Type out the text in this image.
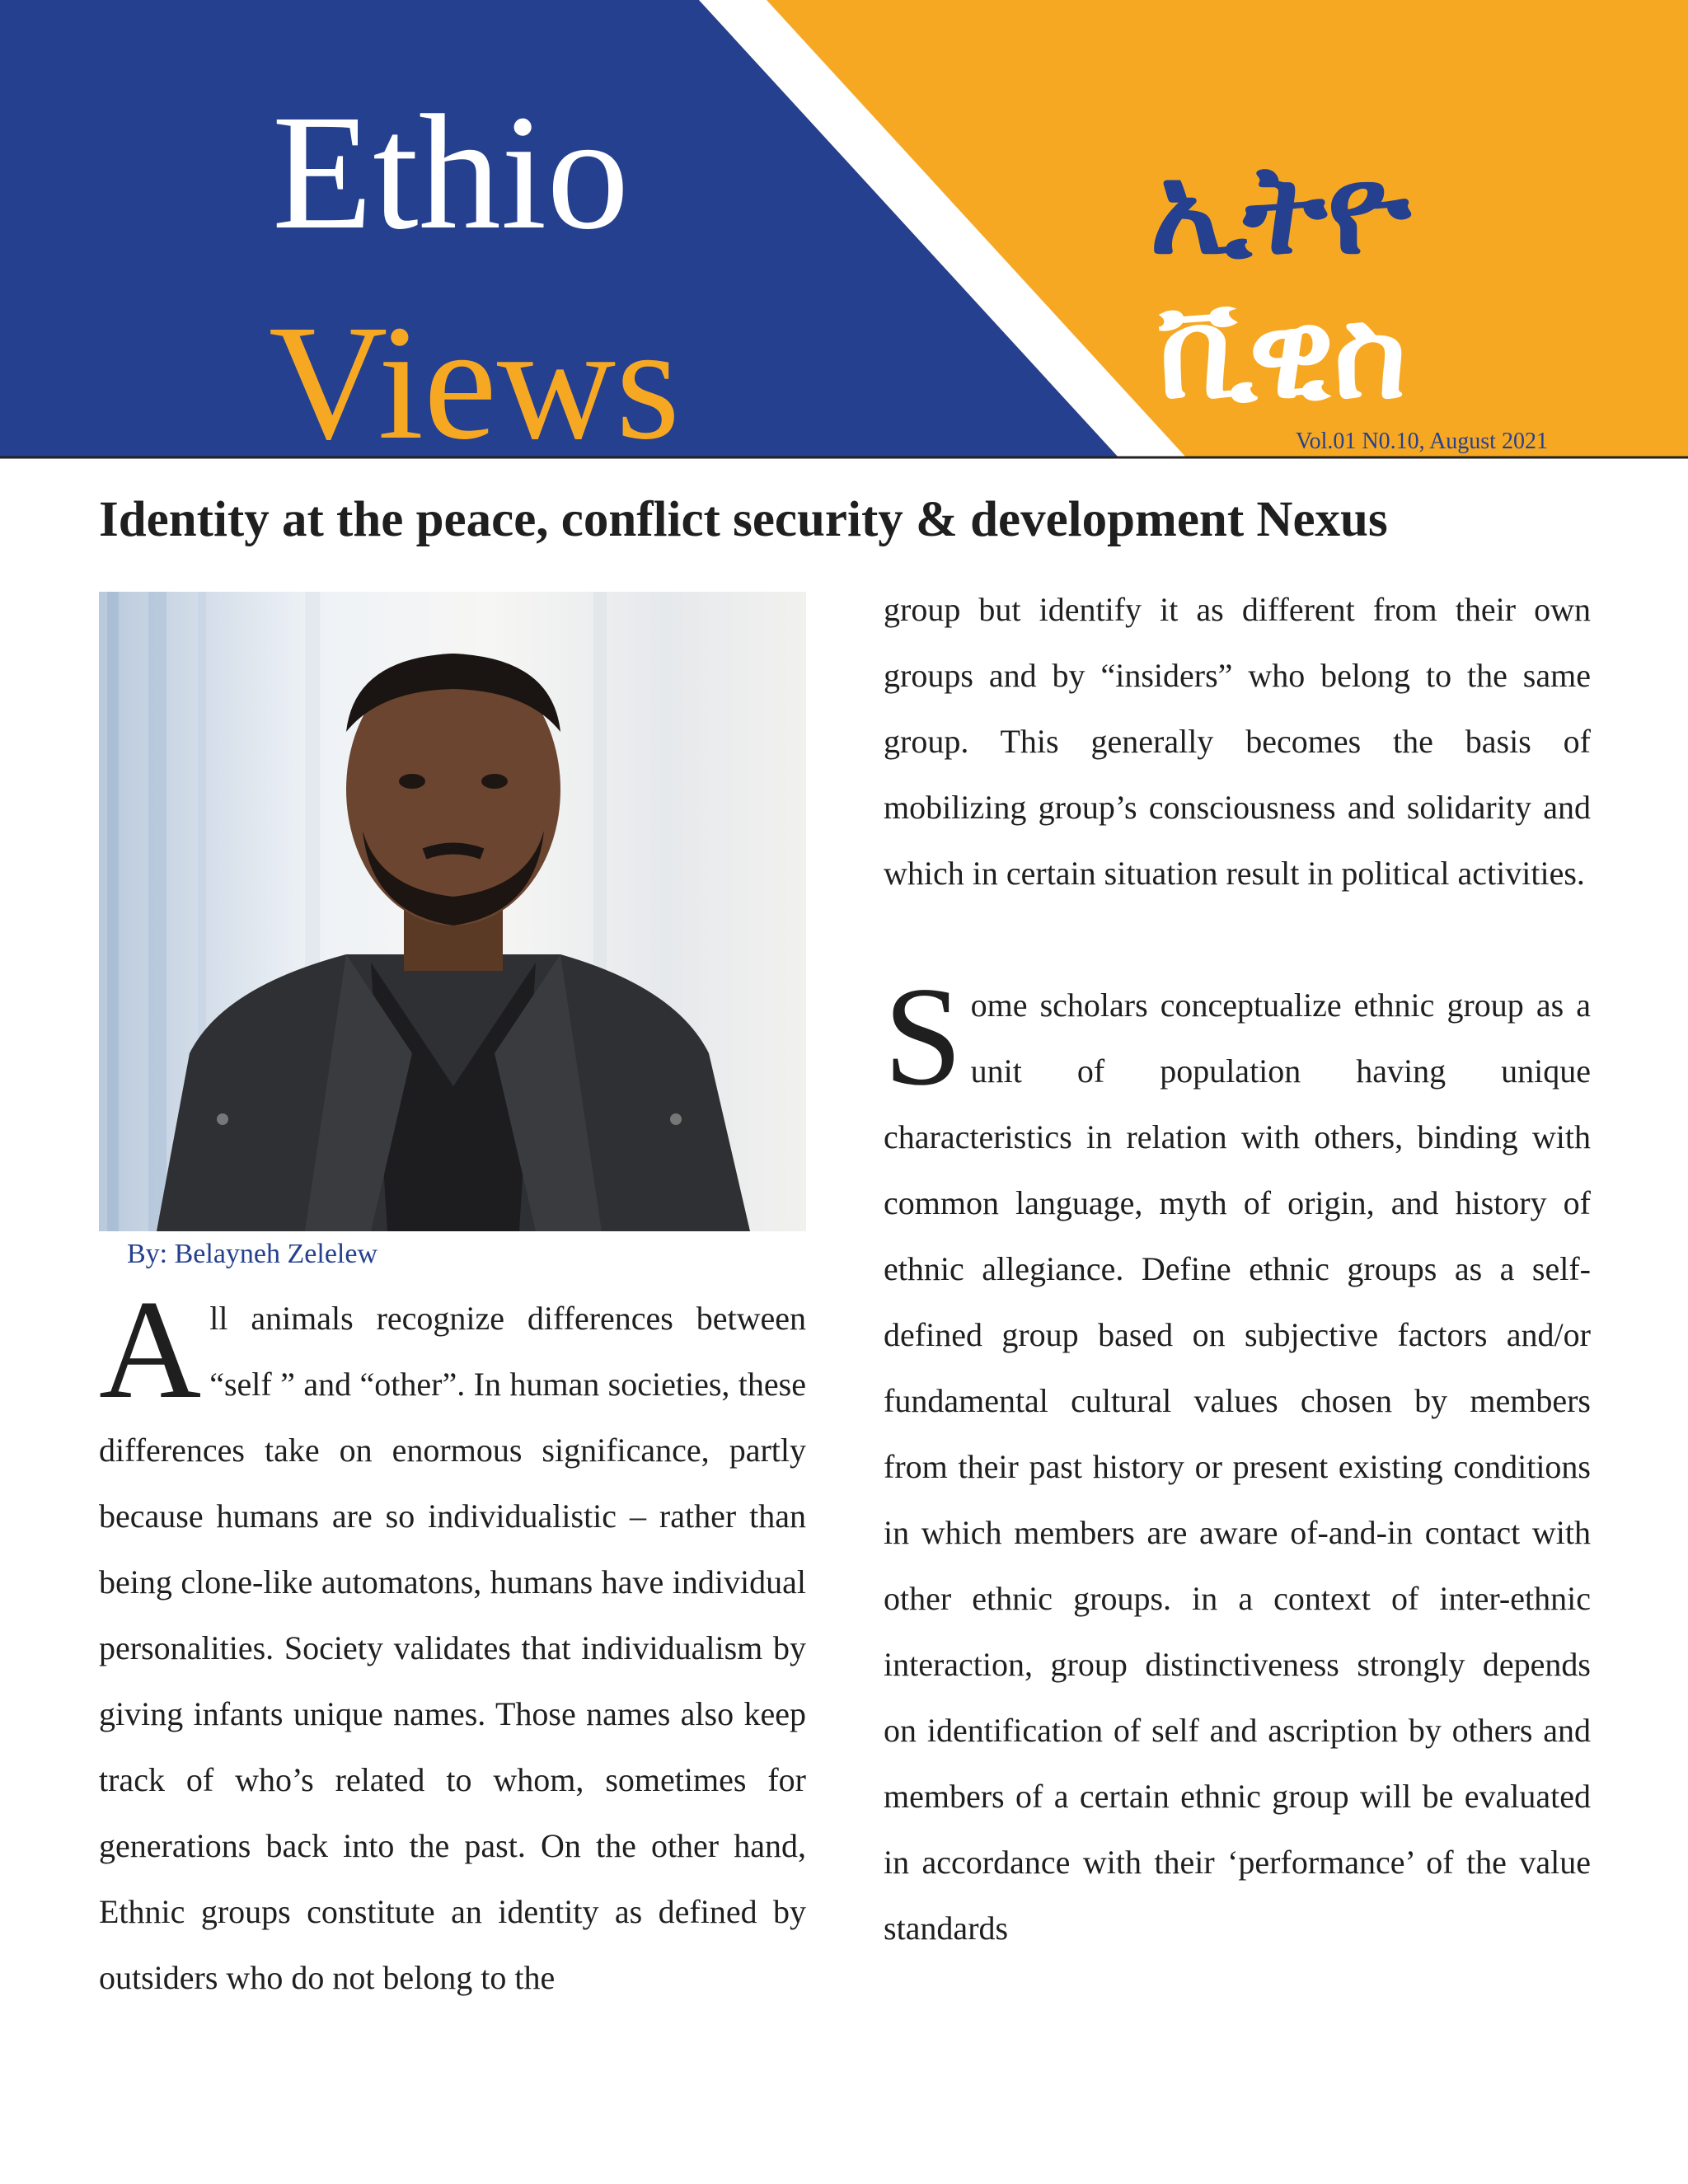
Ethio
Views
ኢትዮ
ቪዊስ
Vol.01 N0.10, August 2021
Identity at the peace, conflict security & development Nexus
By: Belayneh Zelelew

All animals recognize differences between “self ” and “other”. In human societies, these differences take on enormous significance, partly because humans are so individualistic – rather than being clone-like automatons, humans have individual personalities. Society validates that individualism by giving infants unique names. Those names also keep track of who’s related to whom, sometimes for generations back into the past. On the other hand, Ethnic groups constitute an identity as defined by outsiders who do not belong to the

group but identify it as different from their own groups and by “insiders” who belong to the same group. This generally becomes the basis of mobilizing group’s consciousness and solidarity and which in certain situation result in political activities.

Some scholars conceptualize ethnic group as a unit of population having unique characteristics in relation with others, binding with common language, myth of origin, and history of ethnic allegiance. Define ethnic groups as a self-defined group based on subjective factors and/or fundamental cultural values chosen by members from their past history or present existing conditions in which members are aware of-and-in contact with other ethnic groups. in a context of inter-ethnic interaction, group distinctiveness strongly depends on identification of self and ascription by others and members of a certain ethnic group will be evaluated in accordance with their ‘performance’ of the value standards
